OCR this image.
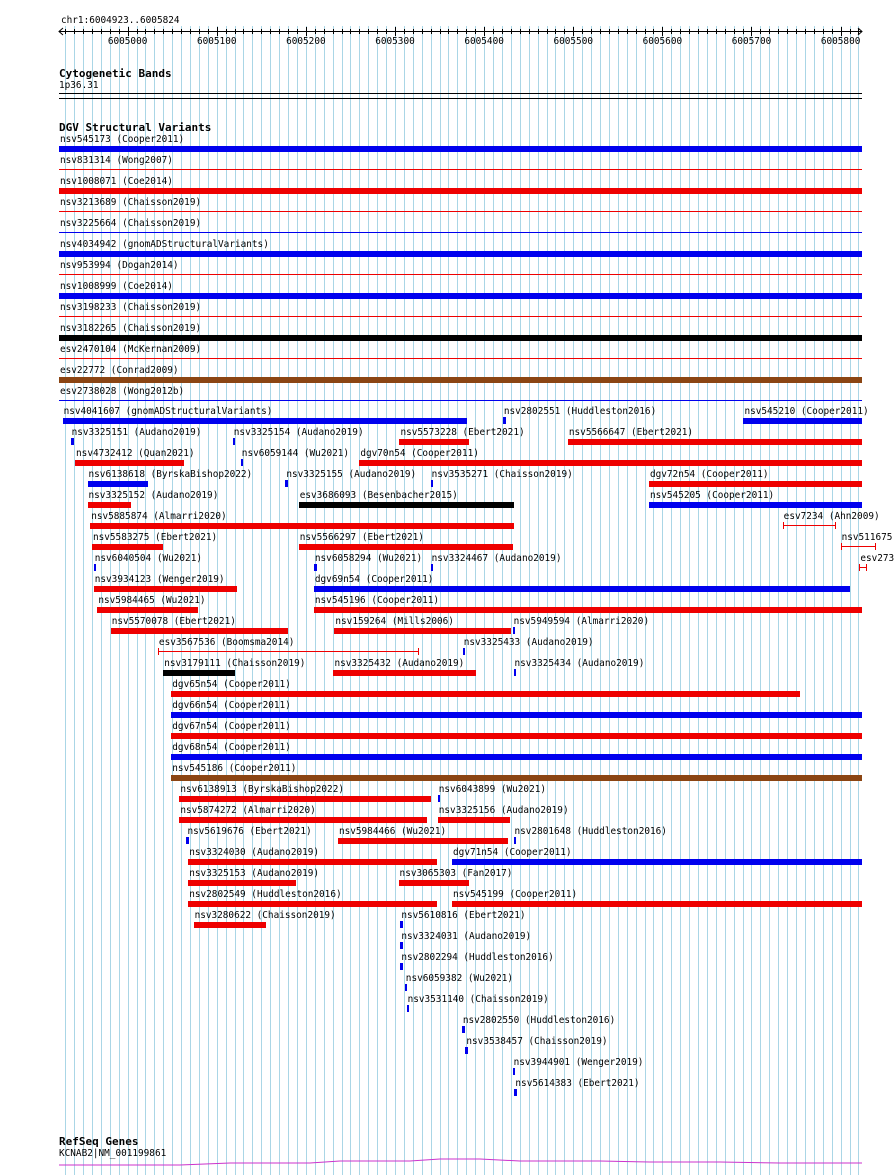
chr1:6004923..6005824
6005000	6005100	6005200	6005300	6005400	6005500	6005600	6005700	6005800
Cytogenetic Bands
1p36.31
DGV Structural Variants
nsv545173 (Cooper2011)
nsv831314 (Wong2007)
nsv1008071 (Coe2014)
nsv3213689 (Chaisson2019)
nsv3225664 (Chaisson2019)
nsv4034942 (gnomADStructuralVariants)
nsv953994 (Dogan2014)
nsv1008999 (Coe2014)
nsv3198233 (Chaisson2019)
nsv3182265 (Chaisson2019)
esv2470104 (McKernan2009)
esv22772 (Conrad2009)
esv2738028 (Wong2012b)
nsv4041607 (gnomADStructuralVariants)	nsv2802551 (Huddleston2016)	nsv545210 (Cooper2011)
nsv3325151 (Audano2019)	nsv3325154 (Audano2019)	nsv5573228 (Ebert2021)	nsv5566647 (Ebert2021)
nsv4732412 (Quan2021)	nsv6059144 (Wu2021) dgv70n54 (Cooper2011)
nsv6138618 (ByrskaBishop2022)	nsv3325155 (Audano2019) nsv3535271 (Chaisson2019)	dgv72n54 (Cooper2011)
nsv3325152 (Audano2019)	esv3686093 (Besenbacher2015)	nsv545205 (Cooper2011)
nsv5885874 (Almarri2020)	esv7234 (Ahn2009)
nsv5583275 (Ebert2021)	nsv5566297 (Ebert2021)	nsv511675
nsv6040504 (Wu2021)	nsv6058294 (Wu2021) nsv3324467 (Audano2019)	esv273
nsv3934123 (Wenger2019)	dgv69n54 (Cooper2011)
nsv5984465 (Wu2021)	nsv545196 (Cooper2011)
nsv5570078 (Ebert2021)	nsv159264 (Mills2006)	nsv5949594 (Almarri2020)
esv3567536 (Boomsma2014)	nsv3325433 (Audano2019)
nsv3179111 (Chaisson2019)	nsv3325432 (Audano2019)	nsv3325434 (Audano2019)
dgv65n54 (Cooper2011)
dgv66n54 (Cooper2011)
dgv67n54 (Cooper2011)
dgv68n54 (Cooper2011)
nsv545186 (Cooper2011)
nsv6138913 (ByrskaBishop2022)	nsv6043899 (Wu2021)
nsv5874272 (Almarri2020)	nsv3325156 (Audano2019)
nsv5619676 (Ebert2021)	nsv5984466 (Wu2021)	nsv2801648 (Huddleston2016)
nsv3324030 (Audano2019)	dgv71n54 (Cooper2011)
nsv3325153 (Audano2019)	nsv3065303 (Fan2017)
nsv2802549 (Huddleston2016)	nsv545199 (Cooper2011)
nsv3280622 (Chaisson2019)	nsv5610816 (Ebert2021)
nsv3324031 (Audano2019)
nsv2802294 (Huddleston2016)
nsv6059382 (Wu2021)
nsv3531140 (Chaisson2019)
nsv2802550 (Huddleston2016)
nsv3538457 (Chaisson2019)
nsv3944901 (Wenger2019)
nsv5614383 (Ebert2021)
RefSeq Genes
KCNAB2|NM_001199861
